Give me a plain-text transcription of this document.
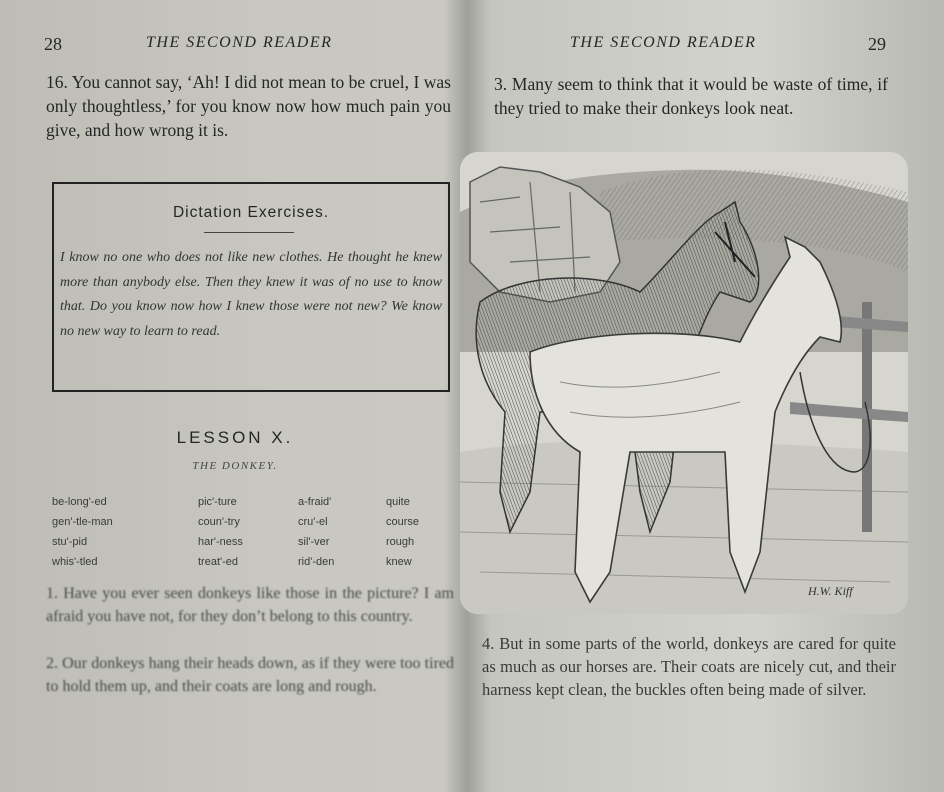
28	THE SECOND READER
16. You cannot say, ‘Ah! I did not mean to be cruel, I was only thoughtless,’ for you know now how much pain you give, and how wrong it is.
Dictation Exercises.
I know no one who does not like new clothes. He thought he knew more than anybody else. Then they knew it was of no use to know that. Do you know now how I knew those were not new? We know no new way to learn to read.
LESSON X.
THE DONKEY.
be-long'-ed
gen'-tle-man
stu'-pid
whis'-tled
pic'-ture
coun'-try
har'-ness
treat'-ed
a-fraid'
cru'-el
sil'-ver
rid'-den
quite
course
rough
knew
1. Have you ever seen donkeys like those in the picture? I am afraid you have not, for they don’t belong to this country.
2. Our donkeys hang their heads down, as if they were too tired to hold them up, and their coats are long and rough.
THE SECOND READER	29
3. Many seem to think that it would be waste of time, if they tried to make their donkeys look neat.
4. But in some parts of the world, donkeys are cared for quite as much as our horses are. Their coats are nicely cut, and their harness kept clean, the buckles often being made of silver.
H.W. Kiff
